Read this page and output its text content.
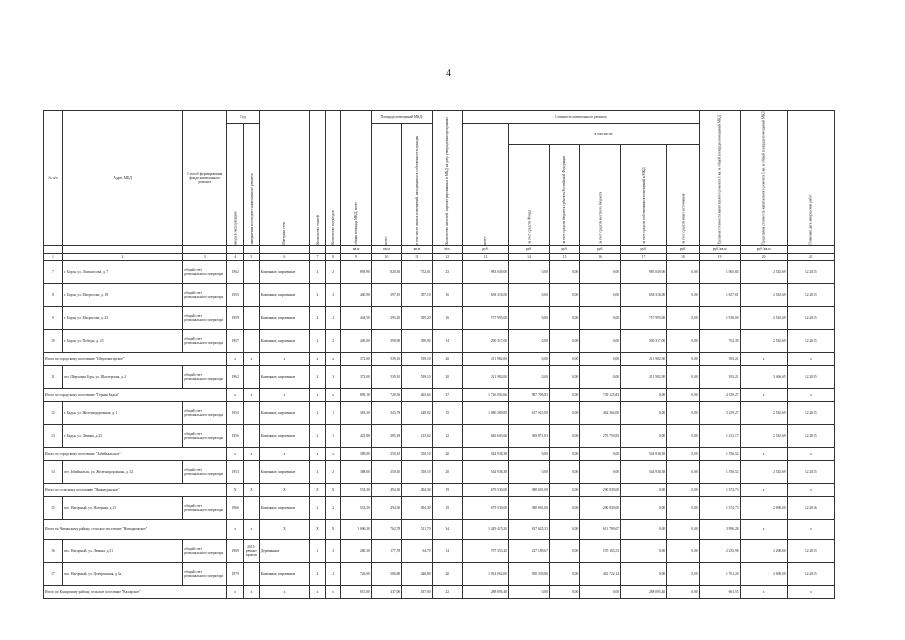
4
№ п/п	Адрес МКД	Способ формирования фонда капитального ремонта	Год		Материал стен	Количество этажей	Количество подъездов	общая площадь МКД, всего	Площадь помещений МКД:		Количество жителей, зарегистрированных в МКД на дату утверждения программы	Стоимость капитального ремонта						Удельная стоимость капитального ремонта 1 кв. м общей площади помещений МКД	Предельная стоимость капитального ремонта 1 кв. м общей площади помещений МКД	Плановая дата завершения работ
			ввода в эксплуатацию	завершения последнего капитального ремонта					всего	в том числе жилых помещений, находящихся в собственности граждан		всего	в том числе:							
													за счет средств Фонда	за счет средств бюджета субъекта Российской Федерации	за счет средств местного бюджета	за счет средств собственников помещений в МКД	за счет средств иных источников			
								кв.м	кв.м	кв.м	чел.	руб.	руб.	руб.	руб.	руб.	руб.	руб./кв.м	руб./кв.м	
1	2	3	4	5	6	7	8	9	10	11	12	13	14	15	16	17	18	19	20	21
7	г. Борзя, ул. Ломоносова, д. 7	общий счет регионального оператора	1962		Каменные, кирпичные	2	2	893,90	828,30	752,61	23	983 049,00	0,00	0,00	0,00	983 049,00	0,00	1 065,84	2 545,69	12.2015
8	г. Борзя, ул. Матросова, д. 18	общий счет регионального оператора	1955		Каменные, кирпичные	2	2	440,90	397,10	397,10	16	658 316,00	0,00	0,00	0,00	658 316,00	0,00	1 657,81	2 545,69	12.2015
9	г. Борзя, ул. Матросова, д. 25	общий счет регионального оператора	1959		Каменные, кирпичные	2	2	444,50	395,20	395,20	16	757 995,00	0,00	0,00	0,00	757 995,00	0,00	1 918,00	2 545,69	12.2015
10	г. Борзя, ул. Победы, д. 25	общий счет регионального оператора	1957		Каменные, кирпичные	2	2	449,00	390,90	390,90	14	290 317,00	0,00	0,00	0,00	290 317,00	0,00	702,39	2 545,69	12.2015
Итого по городскому поселению "Шерловогорское"			x	x	x	x	x	372,00	539,10	539,10	20	211 982,00	0,00	0,00	0,00	211 982,00	0,00	393,21	x	x
11	пгт. Шерловая Гора, ул. Шахтерская, д. 2	общий счет регионального оператора	1962		Каменные, кирпичные	2	3	372,00	539,10	539,10	20	211 982,00	0,00	0,00	0,00	211 982,00	0,00	393,21	3 466,65	12.2015
Итого по городскому поселению "Горная Бадья"			x	x	x	x	x	809,18	728,56	463,64	27	1 726 092,66	987 796,83	0,00	739 125,83	0,00	0,00	4 359,27	x	x
12	г. Бадья, ул. Железнодорожная, д. 1	общий счет регионального оператора	1954		Каменные, кирпичные	2	1	383,30	343,78	248,02	15	1 080 289,00	617 925,00	0,00	462 364,00	0,00	0,00	3 259,27	2 545,69	12.2015
13	г. Бадья, ул. Ленина, д.23	общий счет регионального оператора	1956		Каменные, кирпичные	2	1	425,88	385,18	215,62	12	646 603,66	369 871,83	0,00	276 759,83	0,00	0,00	1 213,17	2 545,69	12.2015
Итого по городскому поселению "Забайкальское"			x	x	x	x	x	389,00	350,10	350,10	20	544 938,38	0,00	0,00	0,00	544 938,38	0,00	1 556,52	x	x
14	пгт. Забайкальск, ул. Железнодорожная, д. 32	общий счет регионального оператора	1953		Каменные, кирпичные	2	2	388,00	350,10	350,10	20	544 938,38	0,00	0,00	0,00	544 938,38	0,00	1 556,52	2 545,69	12.2015
Итого по сельскому поселению "Нижнедонское"			X	X	X	X	X	533,30	494,30	494,30	19	679 530,00	388 691,00	0,00	290 839,00	0,00	0,00	1 374,73	x	x
15	пос. Нагорный, ул. Нагорная, д.13	общий счет регионального оператора	1966		Каменные, кирпичные	2	2	533,30	494,30	494,30	19	679 530,00	388 691,00	0,00	290 839,00	0,00	0,00	1 374,73	2 690,00	12.2016
Итого по Читинскому району, сельское поселение "Новоднежское"			x	x	X	X	X	1 006,30	762,78	511,70	34	1 429 415,20	817 625,53	0,00	611 789,67	0,00	0,00	3 996,28	x	x
16	пос. Нагорный, ул. Ленина, д.31	общий счет регионального оператора	1969	2013-ремонт кровли	Деревянные	1	3	280,30	177,78	64,70	14	797 353,20	227 189,67	0,00	570 163,53	0,00	0,00	2 235,98	2 200,00	12.2015
17	пос. Нагорный, ул. Центральная, д.3а	общий счет регионального оператора	1979		Каменные, кирпичные	2	2	726,00	586,80	446,80	20	1 052 062,00	590 339,86	0,00	461 722,14	0,00	0,00	1 761,20	2 690,00	12.2015
Итого по Каларскому району, сельское поселение "Каларское"			x	x	x	x	x	815,00	437,00	437,00	22	288 095,40	0,00	0,00	0,00	288 095,40	0,00	661,55	x	x
